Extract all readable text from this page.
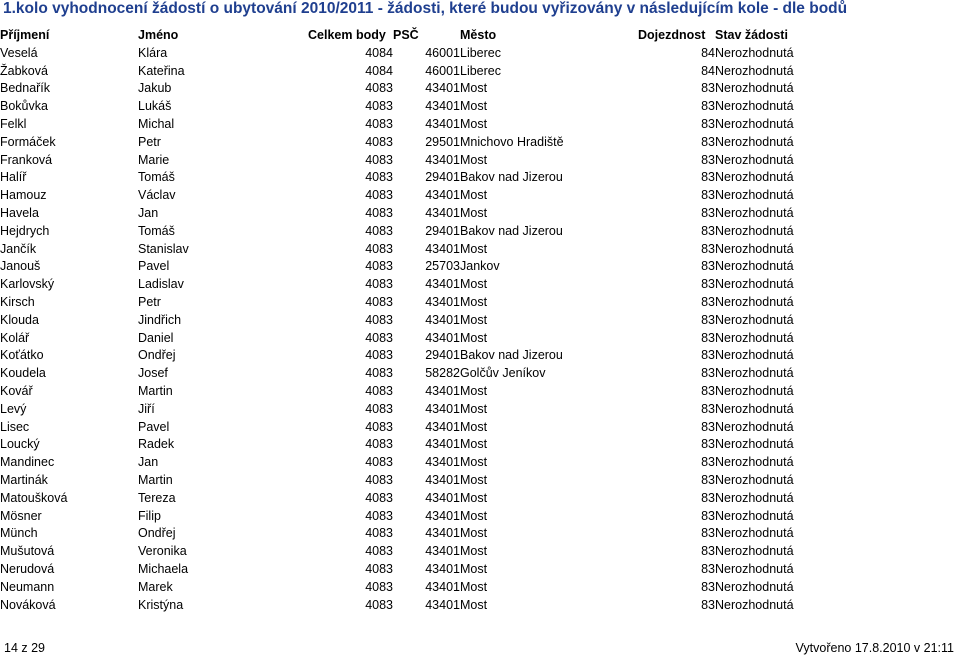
1.kolo vyhodnocení žádostí o ubytování 2010/2011 - žádosti, které budou vyřizovány v následujícím kole - dle bodů
Příjmení	Jméno	Celkem body	PSČ	Město	Dojezdnost	Stav žádosti
Veselá	Klára	4084	46001	Liberec	84	Nerozhodnutá
Žabková	Kateřina	4084	46001	Liberec	84	Nerozhodnutá
Bednařík	Jakub	4083	43401	Most	83	Nerozhodnutá
Bokůvka	Lukáš	4083	43401	Most	83	Nerozhodnutá
Felkl	Michal	4083	43401	Most	83	Nerozhodnutá
Formáček	Petr	4083	29501	Mnichovo Hradiště	83	Nerozhodnutá
Franková	Marie	4083	43401	Most	83	Nerozhodnutá
Halíř	Tomáš	4083	29401	Bakov nad Jizerou	83	Nerozhodnutá
Hamouz	Václav	4083	43401	Most	83	Nerozhodnutá
Havela	Jan	4083	43401	Most	83	Nerozhodnutá
Hejdrych	Tomáš	4083	29401	Bakov nad Jizerou	83	Nerozhodnutá
Jančík	Stanislav	4083	43401	Most	83	Nerozhodnutá
Janouš	Pavel	4083	25703	Jankov	83	Nerozhodnutá
Karlovský	Ladislav	4083	43401	Most	83	Nerozhodnutá
Kirsch	Petr	4083	43401	Most	83	Nerozhodnutá
Klouda	Jindřich	4083	43401	Most	83	Nerozhodnutá
Kolář	Daniel	4083	43401	Most	83	Nerozhodnutá
Koťátko	Ondřej	4083	29401	Bakov nad Jizerou	83	Nerozhodnutá
Koudela	Josef	4083	58282	Golčův Jeníkov	83	Nerozhodnutá
Kovář	Martin	4083	43401	Most	83	Nerozhodnutá
Levý	Jiří	4083	43401	Most	83	Nerozhodnutá
Lisec	Pavel	4083	43401	Most	83	Nerozhodnutá
Loucký	Radek	4083	43401	Most	83	Nerozhodnutá
Mandinec	Jan	4083	43401	Most	83	Nerozhodnutá
Martinák	Martin	4083	43401	Most	83	Nerozhodnutá
Matoušková	Tereza	4083	43401	Most	83	Nerozhodnutá
Mösner	Filip	4083	43401	Most	83	Nerozhodnutá
Münch	Ondřej	4083	43401	Most	83	Nerozhodnutá
Mušutová	Veronika	4083	43401	Most	83	Nerozhodnutá
Nerudová	Michaela	4083	43401	Most	83	Nerozhodnutá
Neumann	Marek	4083	43401	Most	83	Nerozhodnutá
Nováková	Kristýna	4083	43401	Most	83	Nerozhodnutá
14 z 29	Vytvořeno 17.8.2010 v 21:11
